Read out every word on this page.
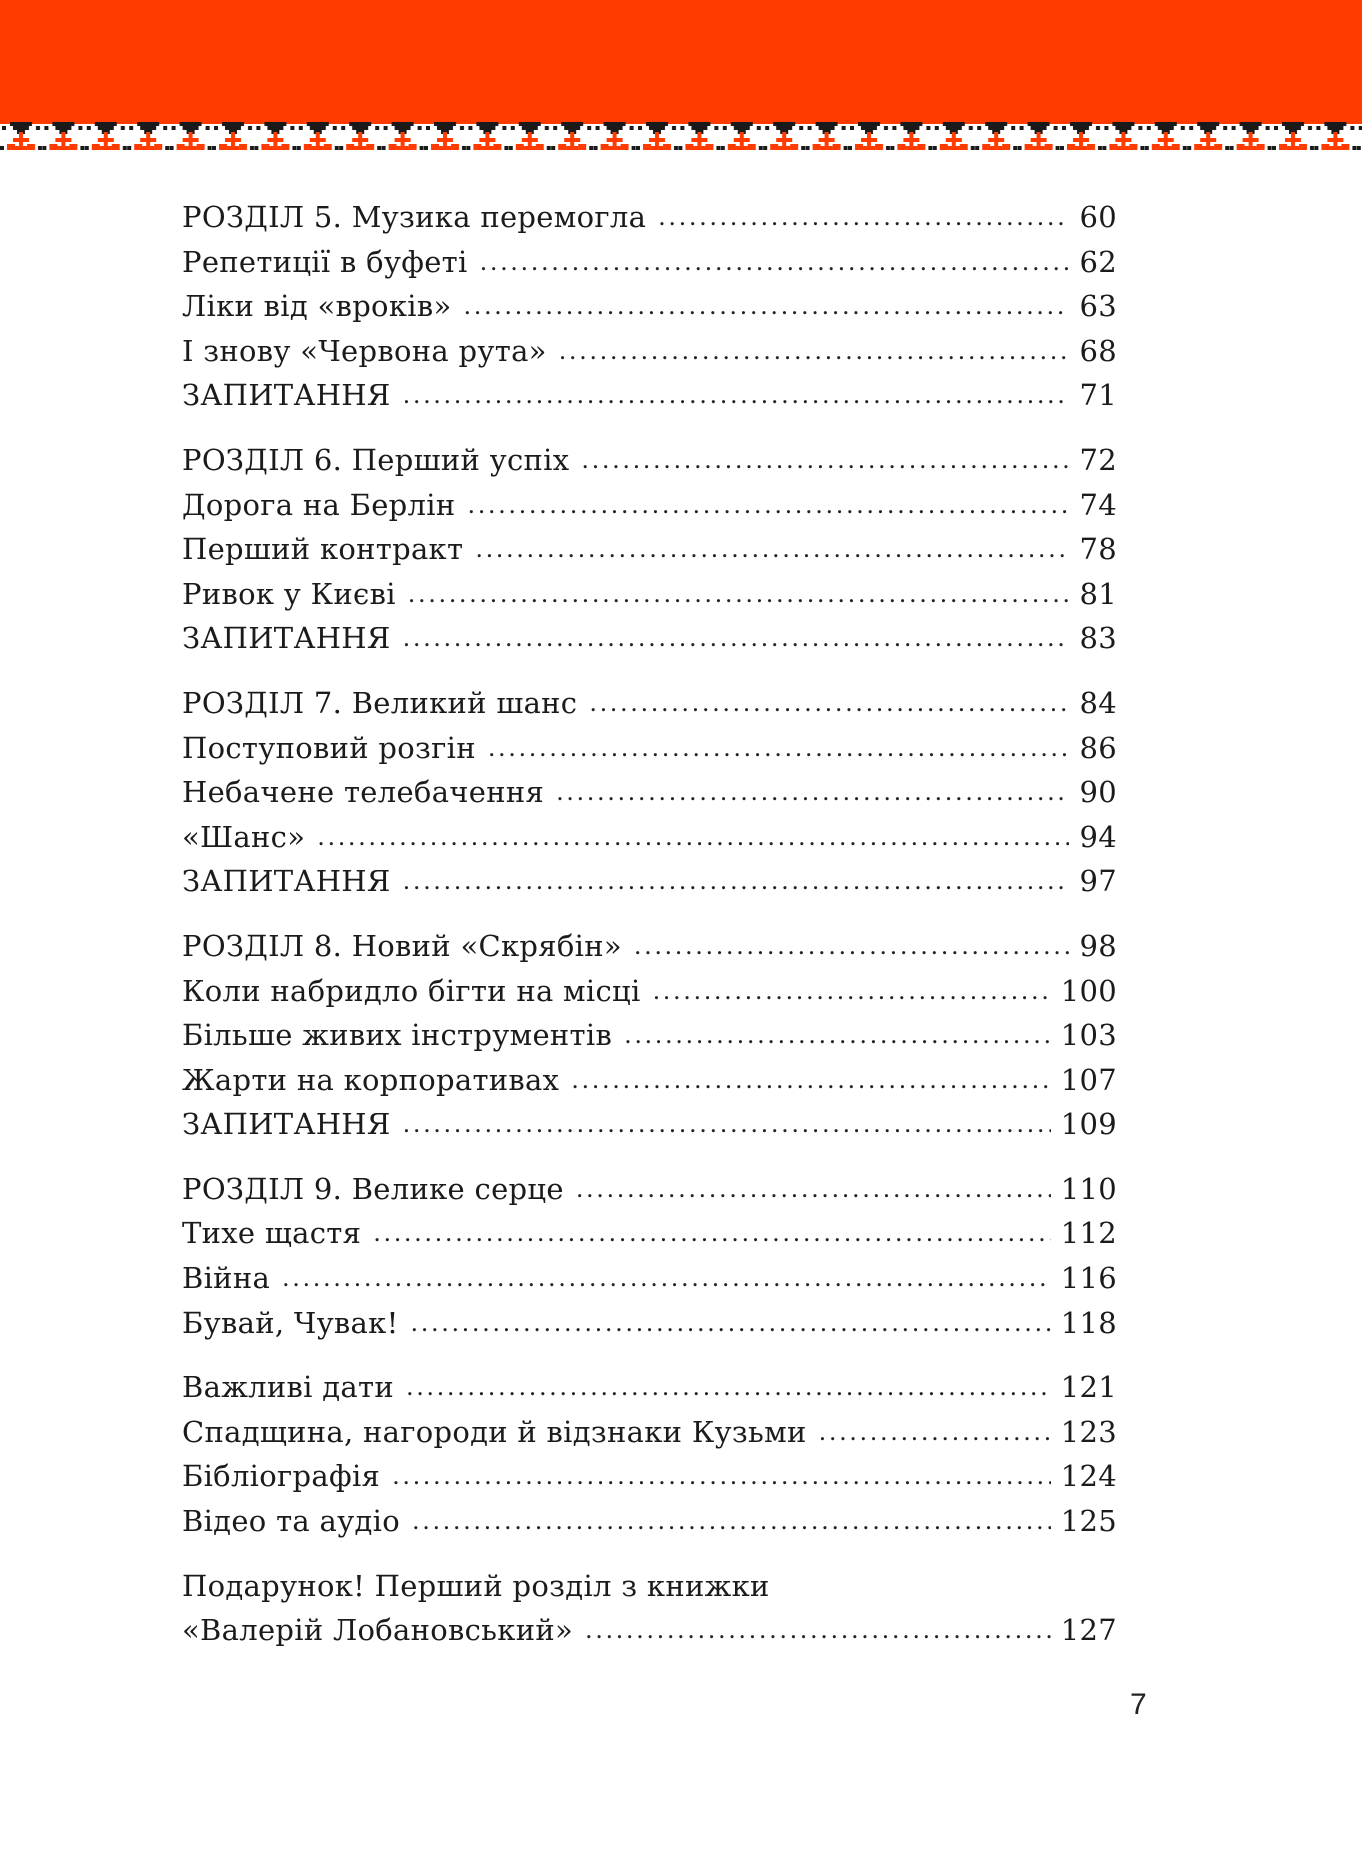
РОЗДІЛ 5. Музика перемогла .....	60
Репетиції в буфеті .....	62
Ліки від «вроків» .....	63
І знову «Червона рута» .....	68
ЗАПИТАННЯ .....	71
РОЗДІЛ 6. Перший успіх .....	72
Дорога на Берлін .....	74
Перший контракт .....	78
Ривок у Києві .....	81
ЗАПИТАННЯ .....	83
РОЗДІЛ 7. Великий шанс .....	84
Поступовий розгін .....	86
Небачене телебачення .....	90
«Шанс» .....	94
ЗАПИТАННЯ .....	97
РОЗДІЛ 8. Новий «Скрябін» .....	98
Коли набридло бігти на місці .....	100
Більше живих інструментів .....	103
Жарти на корпоративах .....	107
ЗАПИТАННЯ .....	109
РОЗДІЛ 9. Велике серце .....	110
Тихе щастя .....	112
Війна .....	116
Бувай, Чувак! .....	118
Важливі дати .....	121
Спадщина, нагороди й відзнаки Кузьми .....	123
Бібліографія .....	124
Відео та аудіо .....	125
Подарунок! Перший розділ з книжки
«Валерій Лобановський» .....	127
7
